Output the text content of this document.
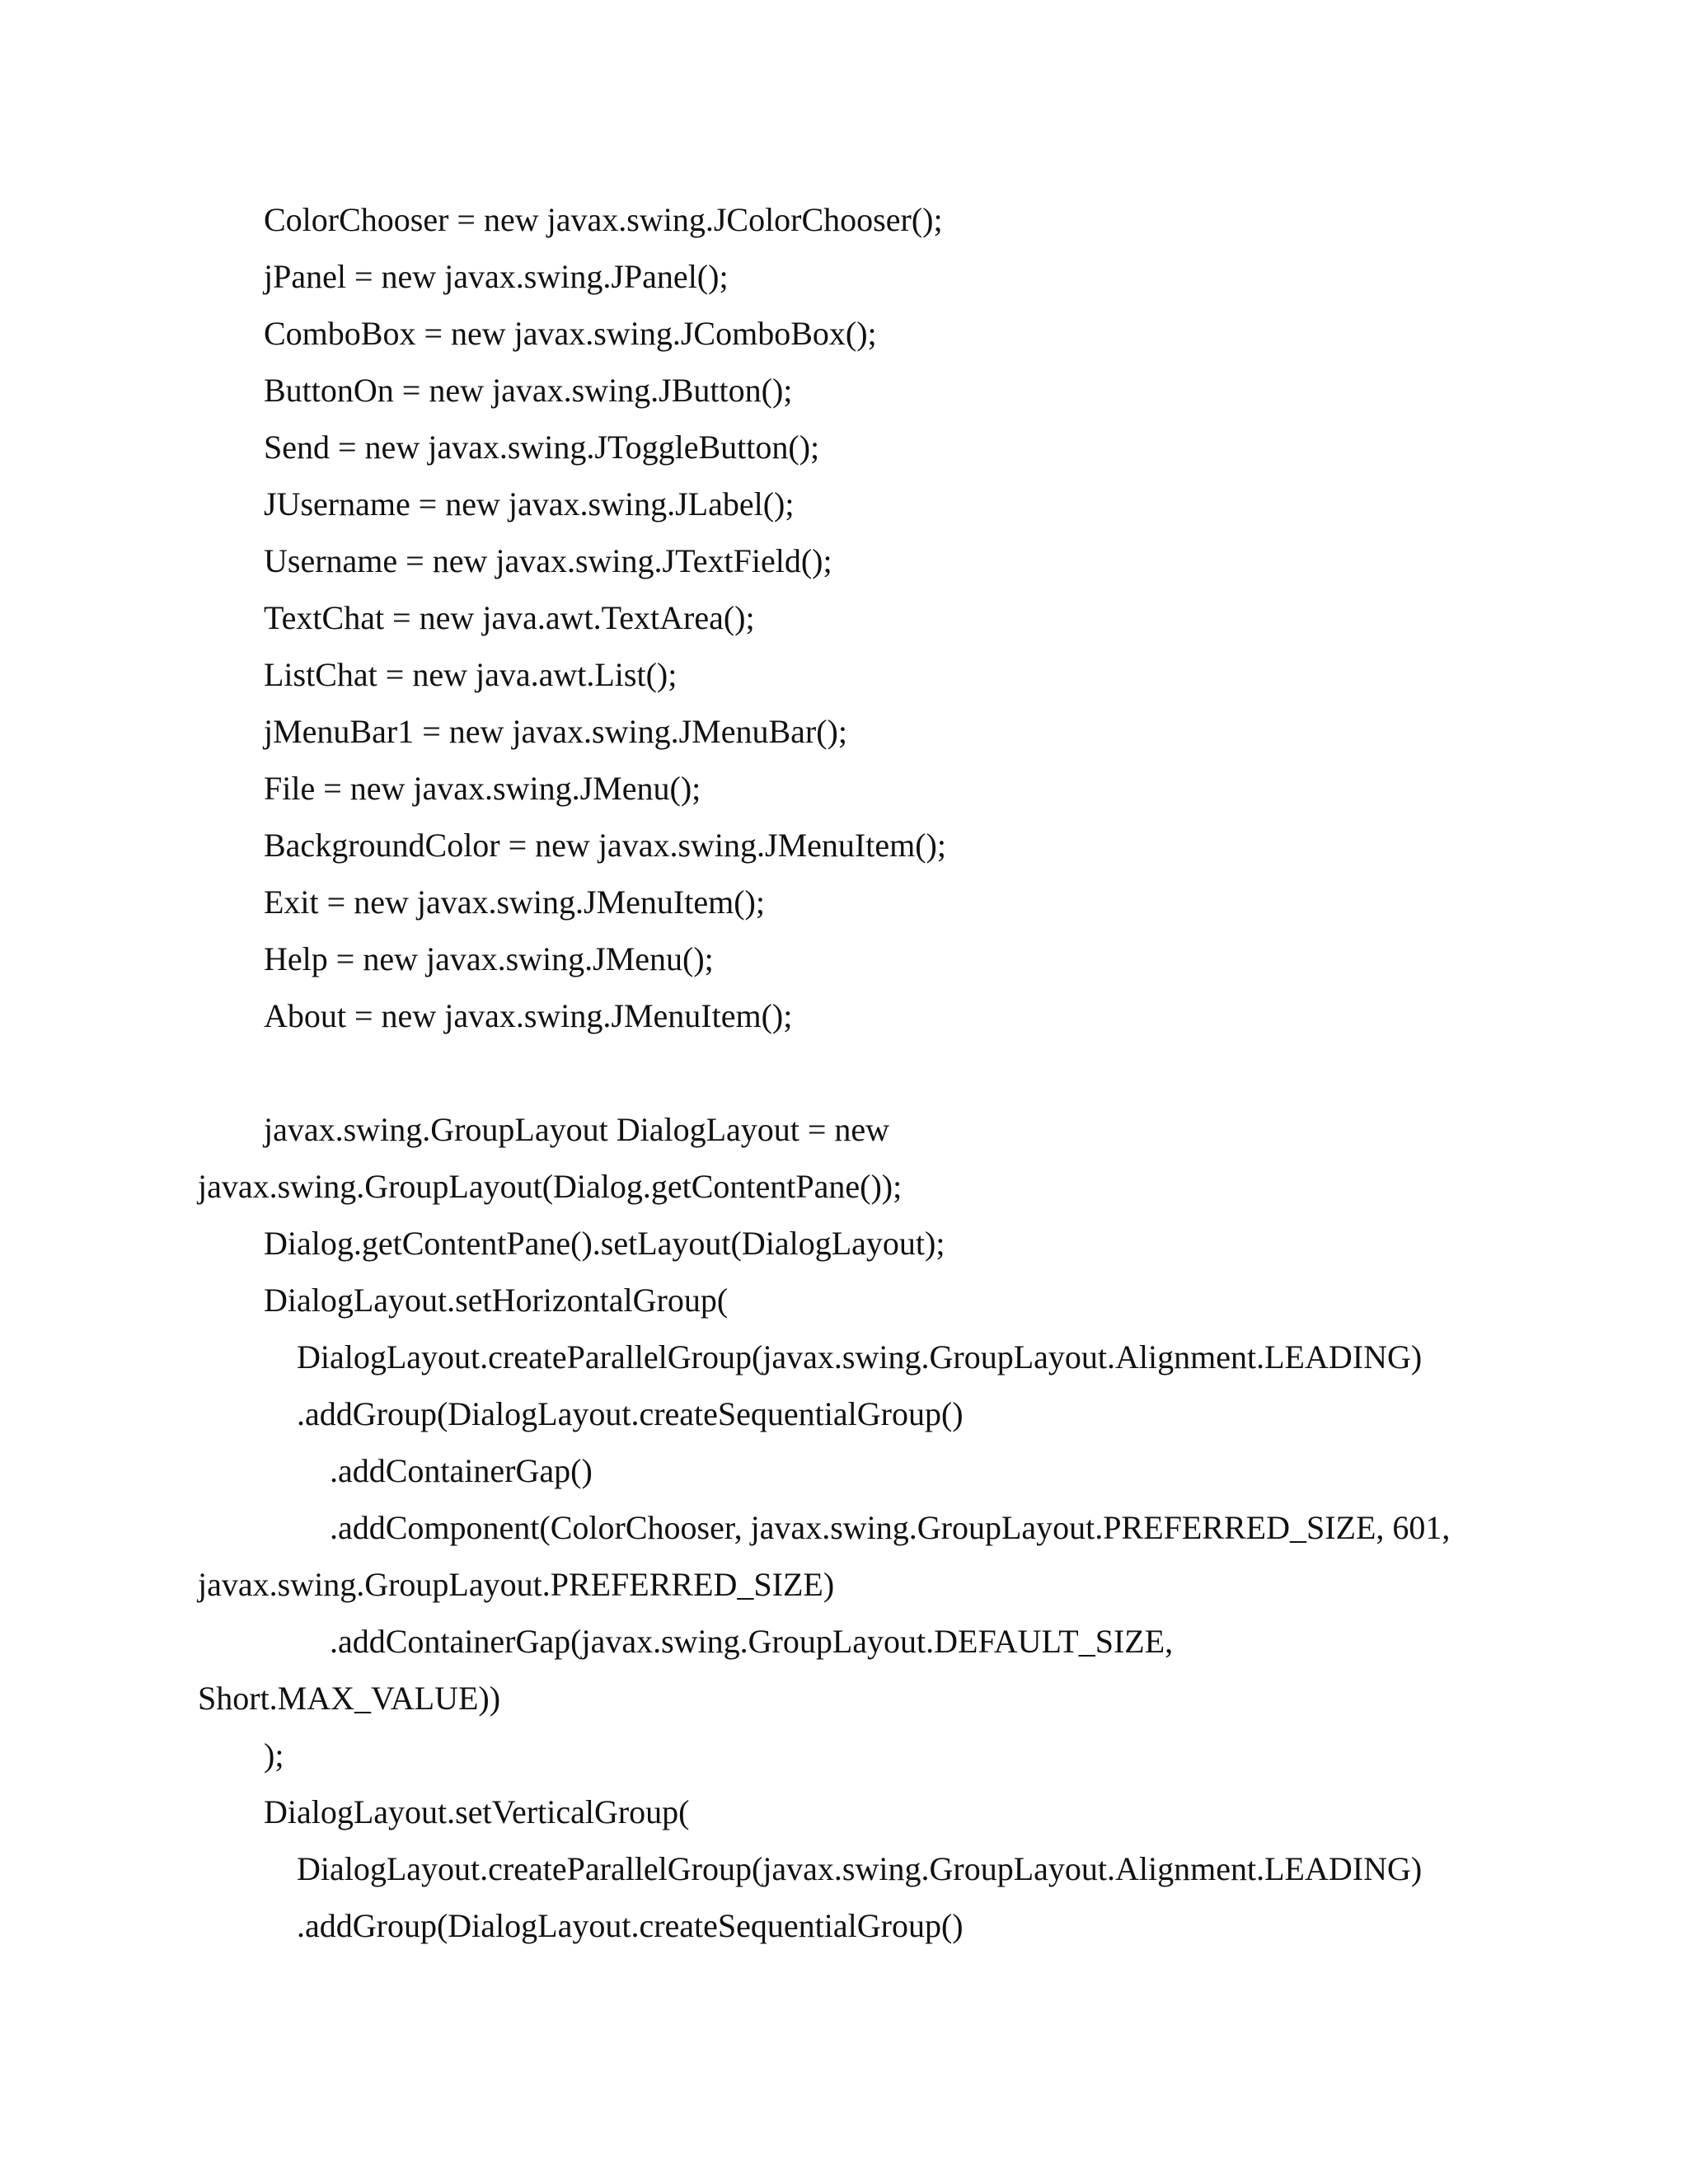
ColorChooser = new javax.swing.JColorChooser();
jPanel = new javax.swing.JPanel();
ComboBox = new javax.swing.JComboBox();
ButtonOn = new javax.swing.JButton();
Send = new javax.swing.JToggleButton();
JUsername = new javax.swing.JLabel();
Username = new javax.swing.JTextField();
TextChat = new java.awt.TextArea();
ListChat = new java.awt.List();
jMenuBar1 = new javax.swing.JMenuBar();
File = new javax.swing.JMenu();
BackgroundColor = new javax.swing.JMenuItem();
Exit = new javax.swing.JMenuItem();
Help = new javax.swing.JMenu();
About = new javax.swing.JMenuItem();
javax.swing.GroupLayout DialogLayout = new
javax.swing.GroupLayout(Dialog.getContentPane());
Dialog.getContentPane().setLayout(DialogLayout);
DialogLayout.setHorizontalGroup(
DialogLayout.createParallelGroup(javax.swing.GroupLayout.Alignment.LEADING)
.addGroup(DialogLayout.createSequentialGroup()
.addContainerGap()
.addComponent(ColorChooser, javax.swing.GroupLayout.PREFERRED_SIZE, 601,
javax.swing.GroupLayout.PREFERRED_SIZE)
.addContainerGap(javax.swing.GroupLayout.DEFAULT_SIZE,
Short.MAX_VALUE))
);
DialogLayout.setVerticalGroup(
DialogLayout.createParallelGroup(javax.swing.GroupLayout.Alignment.LEADING)
.addGroup(DialogLayout.createSequentialGroup()
